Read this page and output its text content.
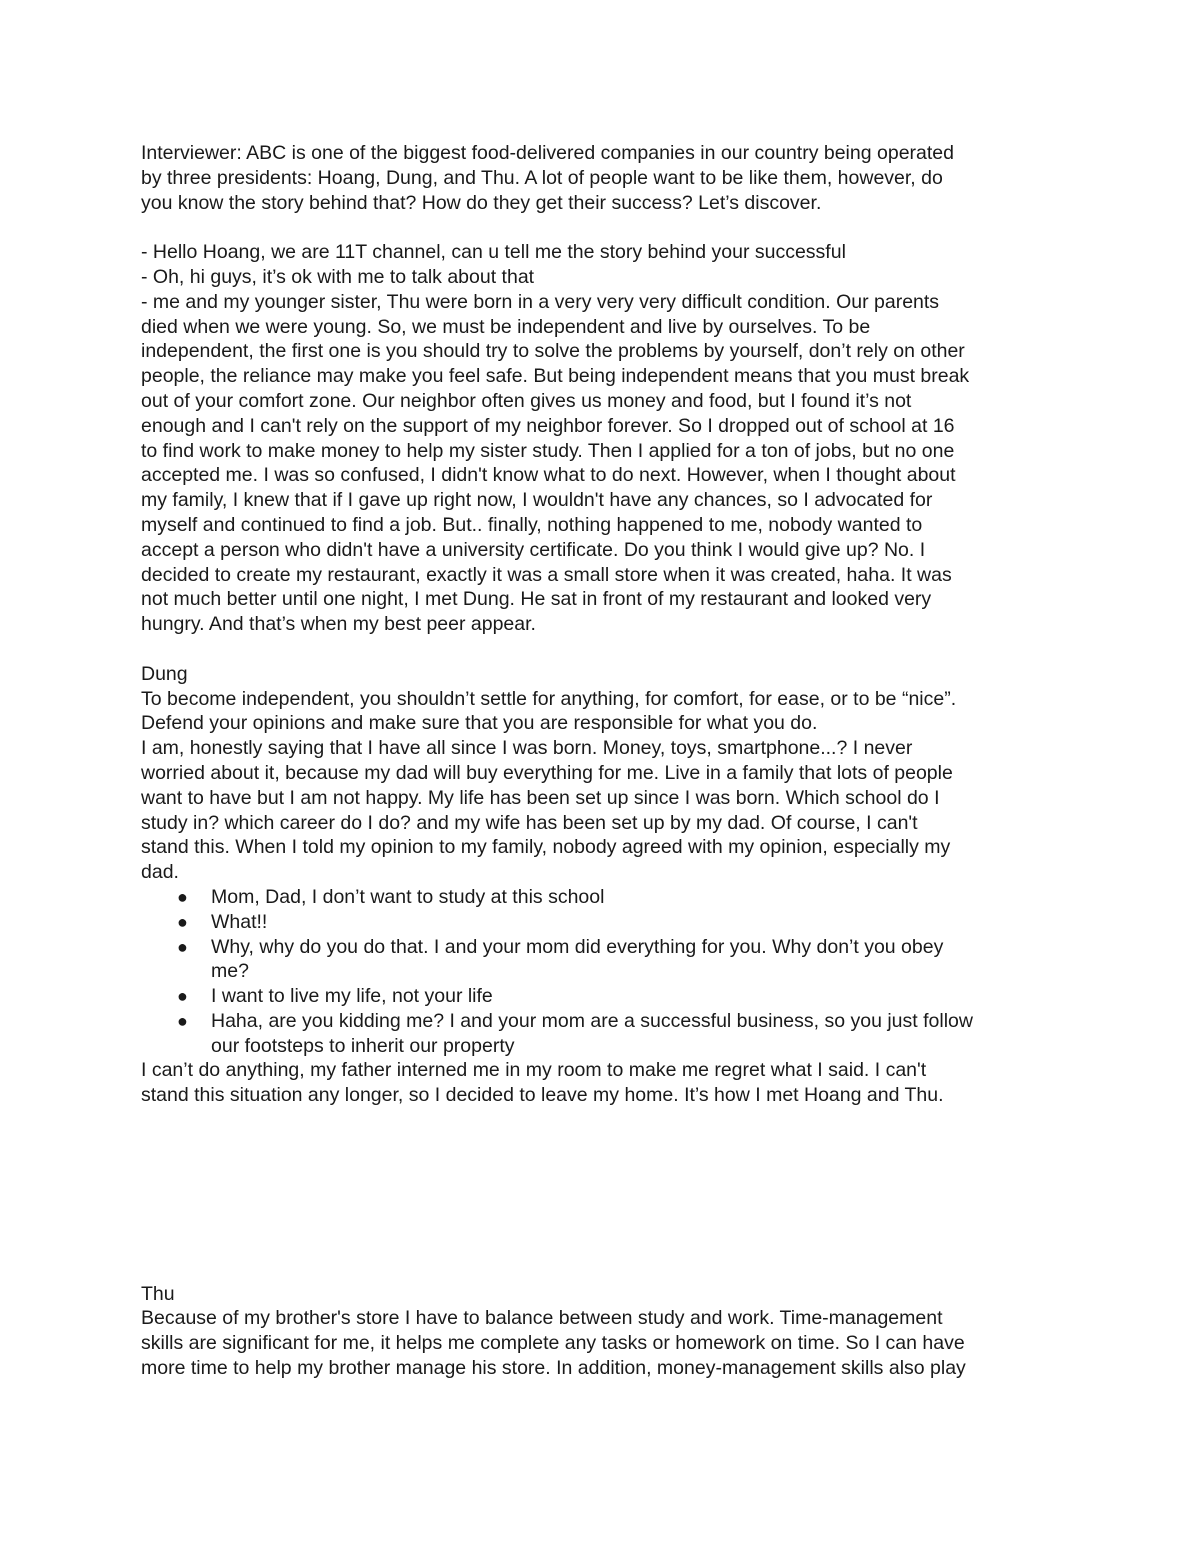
Interviewer: ABC is one of the biggest food-delivered companies in our country being operated
by three presidents: Hoang, Dung, and Thu. A lot of people want to be like them, however, do
you know the story behind that? How do they get their success? Let’s discover.
- Hello Hoang, we are 11T channel, can u tell me the story behind your successful
- Oh, hi guys, it’s ok with me to talk about that
- me and my younger sister, Thu were born in a very very very difficult condition. Our parents
died when we were young. So, we must be independent and live by ourselves. To be
independent, the first one is you should try to solve the problems by yourself, don’t rely on other
people, the reliance may make you feel safe. But being independent means that you must break
out of your comfort zone. Our neighbor often gives us money and food, but I found it’s not
enough and I can't rely on the support of my neighbor forever. So I dropped out of school at 16
to find work to make money to help my sister study. Then I applied for a ton of jobs, but no one
accepted me. I was so confused, I didn't know what to do next. However, when I thought about
my family, I knew that if I gave up right now, I wouldn't have any chances, so I advocated for
myself and continued to find a job. But.. finally, nothing happened to me, nobody wanted to
accept a person who didn't have a university certificate. Do you think I would give up? No. I
decided to create my restaurant, exactly it was a small store when it was created, haha. It was
not much better until one night, I met Dung. He sat in front of my restaurant and looked very
hungry. And that’s when my best peer appear.
Dung
To become independent, you shouldn’t settle for anything, for comfort, for ease, or to be “nice”.
Defend your opinions and make sure that you are responsible for what you do.
I am, honestly saying that I have all since I was born. Money, toys, smartphone...? I never
worried about it, because my dad will buy everything for me. Live in a family that lots of people
want to have but I am not happy. My life has been set up since I was born. Which school do I
study in? which career do I do? and my wife has been set up by my dad. Of course, I can't
stand this. When I told my opinion to my family, nobody agreed with my opinion, especially my
dad.
● Mom, Dad, I don’t want to study at this school
● What!!
● Why, why do you do that. I and your mom did everything for you. Why don’t you obey
me?
● I want to live my life, not your life
● Haha, are you kidding me? I and your mom are a successful business, so you just follow
our footsteps to inherit our property
I can’t do anything, my father interned me in my room to make me regret what I said. I can't
stand this situation any longer, so I decided to leave my home. It’s how I met Hoang and Thu.
Thu
Because of my brother's store I have to balance between study and work. Time-management
skills are significant for me, it helps me complete any tasks or homework on time. So I can have
more time to help my brother manage his store. In addition, money-management skills also play
